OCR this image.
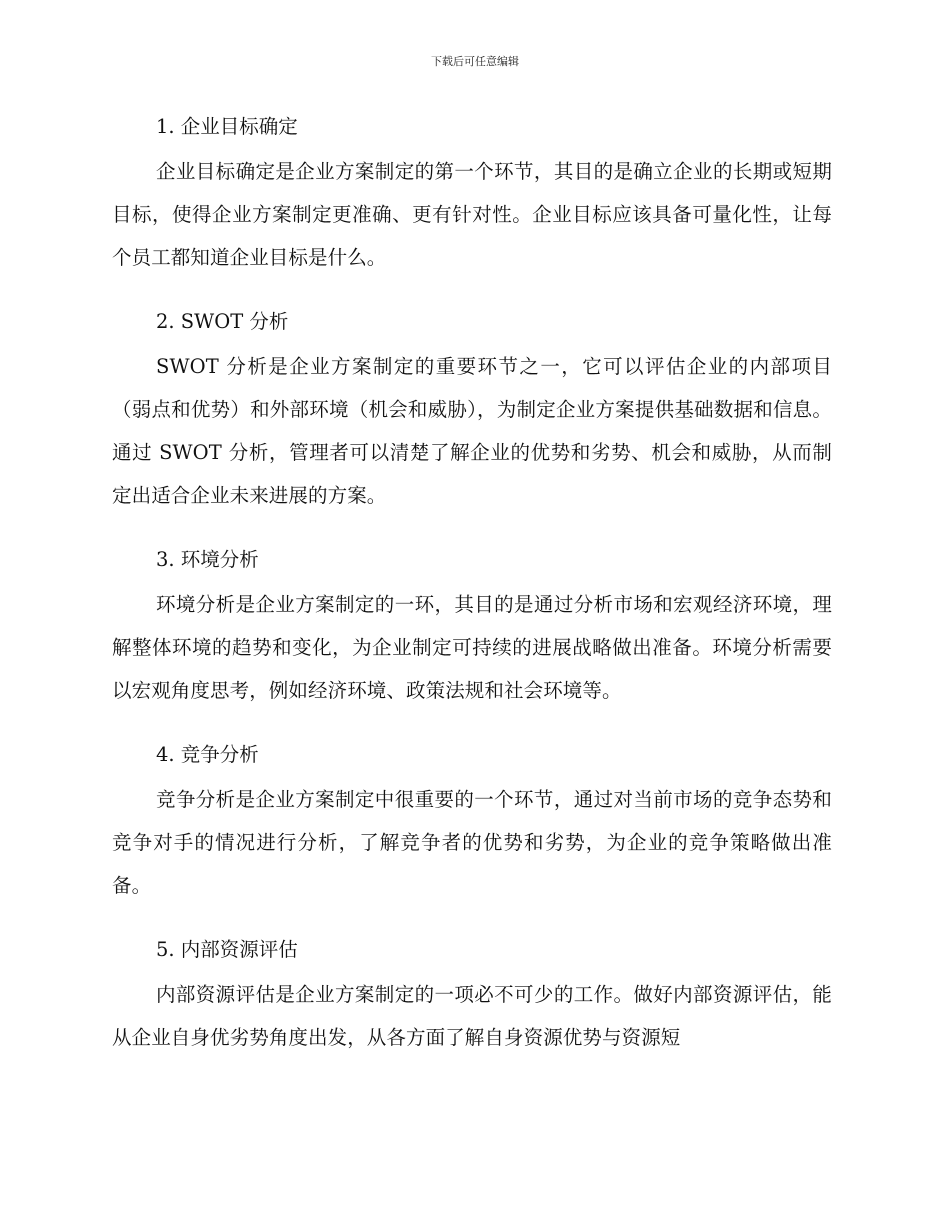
下载后可任意编辑
1. 企业目标确定

企业目标确定是企业方案制定的第一个环节，其目的是确立企业的长期或短期目标，使得企业方案制定更准确、更有针对性。企业目标应该具备可量化性，让每个员工都知道企业目标是什么。

2. SWOT 分析

SWOT 分析是企业方案制定的重要环节之一，它可以评估企业的内部项目（弱点和优势）和外部环境（机会和威胁），为制定企业方案提供基础数据和信息。通过 SWOT 分析，管理者可以清楚了解企业的优势和劣势、机会和威胁，从而制定出适合企业未来进展的方案。

3. 环境分析

环境分析是企业方案制定的一环，其目的是通过分析市场和宏观经济环境，理解整体环境的趋势和变化，为企业制定可持续的进展战略做出准备。环境分析需要以宏观角度思考，例如经济环境、政策法规和社会环境等。

4. 竞争分析

竞争分析是企业方案制定中很重要的一个环节，通过对当前市场的竞争态势和竞争对手的情况进行分析，了解竞争者的优势和劣势，为企业的竞争策略做出准备。

5. 内部资源评估

内部资源评估是企业方案制定的一项必不可少的工作。做好内部资源评估，能从企业自身优劣势角度出发，从各方面了解自身资源优势与资源短
